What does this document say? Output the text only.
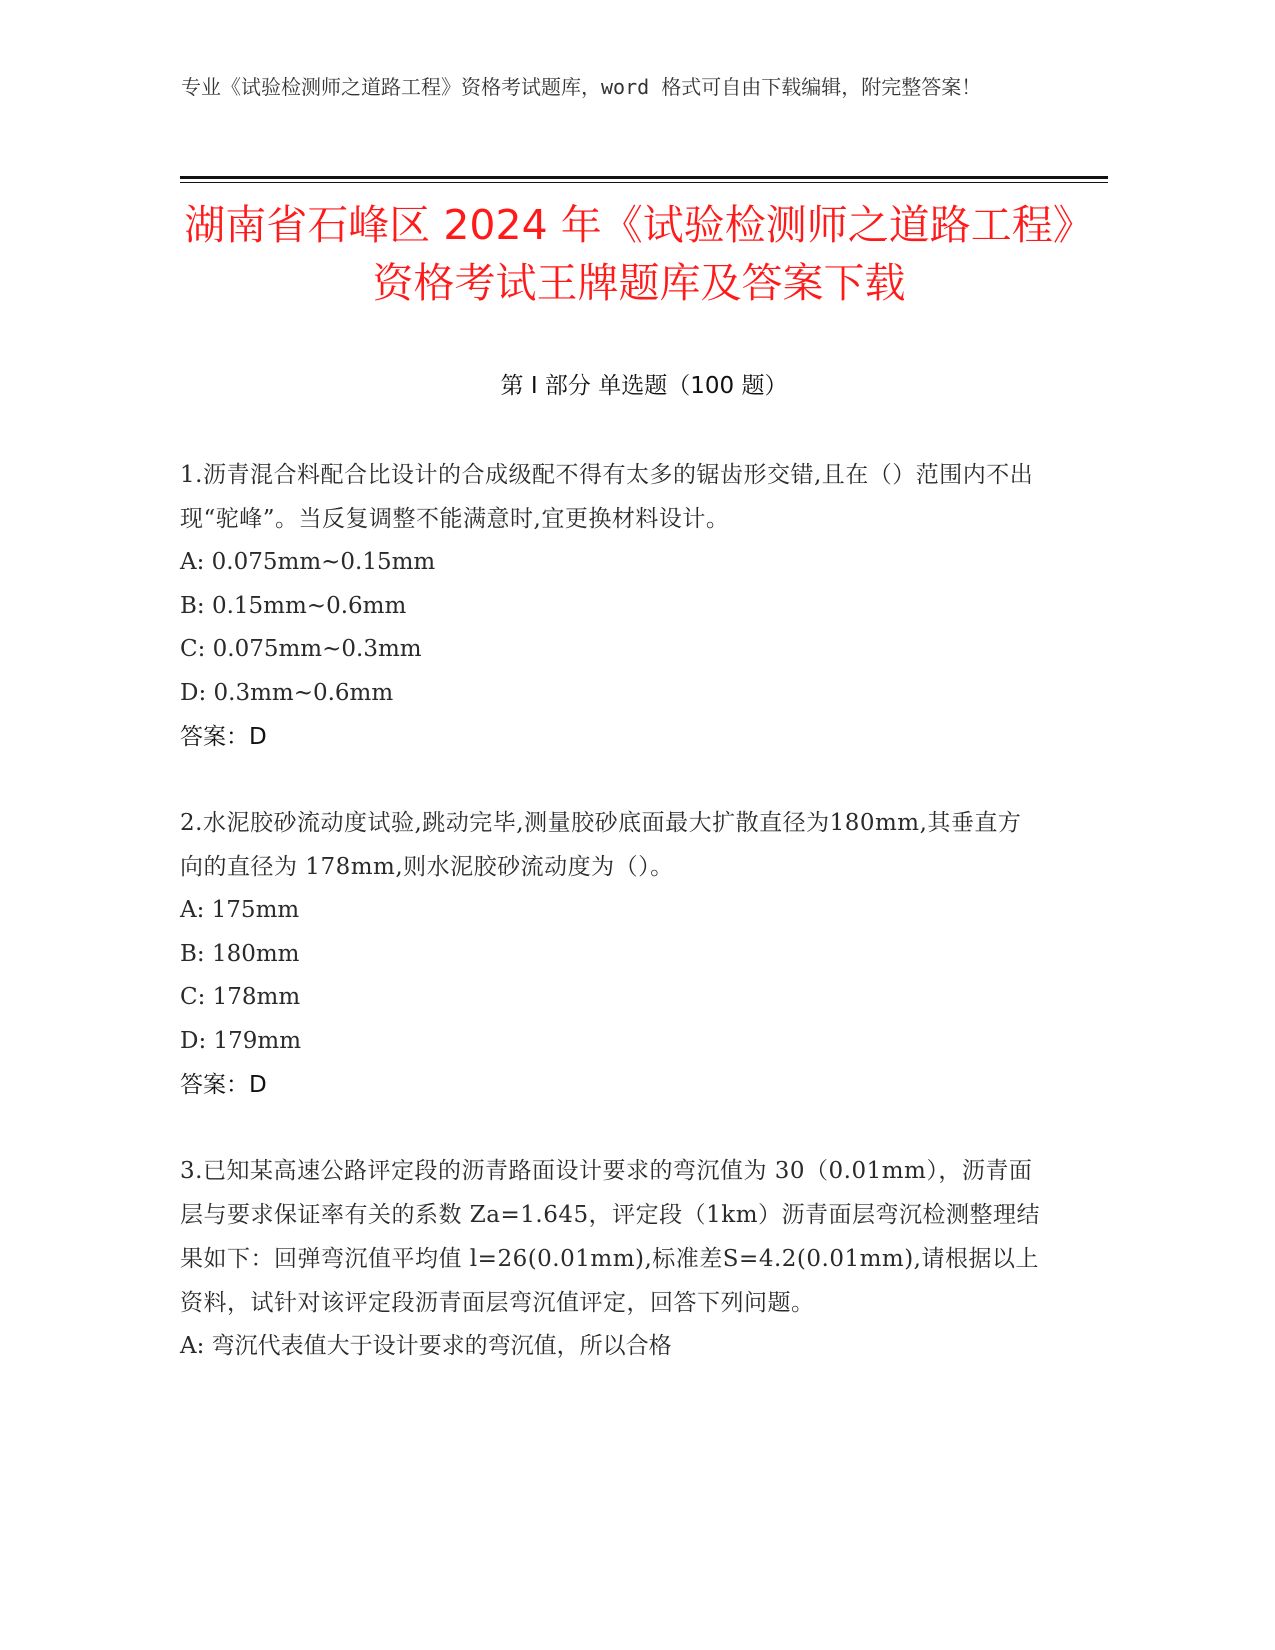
专业《试验检测师之道路工程》资格考试题库，word 格式可自由下载编辑，附完整答案！
湖南省石峰区 2024 年《试验检测师之道路工程》资格考试王牌题库及答案下载
第 I 部分 单选题（100 题）
1.沥青混合料配合比设计的合成级配不得有太多的锯齿形交错,且在（）范围内不出现“驼峰”。当反复调整不能满意时,宜更换材料设计。
A: 0.075mm~0.15mm
B: 0.15mm~0.6mm
C: 0.075mm~0.3mm
D: 0.3mm~0.6mm
答案：D
2.水泥胶砂流动度试验,跳动完毕,测量胶砂底面最大扩散直径为180mm,其垂直方向的直径为 178mm,则水泥胶砂流动度为（）。
A: 175mm
B: 180mm
C: 178mm
D: 179mm
答案：D
3.已知某高速公路评定段的沥青路面设计要求的弯沉值为 30（0.01mm），沥青面层与要求保证率有关的系数 Za=1.645，评定段（1km）沥青面层弯沉检测整理结果如下：回弹弯沉值平均值 l=26(0.01mm),标准差S=4.2(0.01mm),请根据以上资料，试针对该评定段沥青面层弯沉值评定，回答下列问题。
A: 弯沉代表值大于设计要求的弯沉值，所以合格
